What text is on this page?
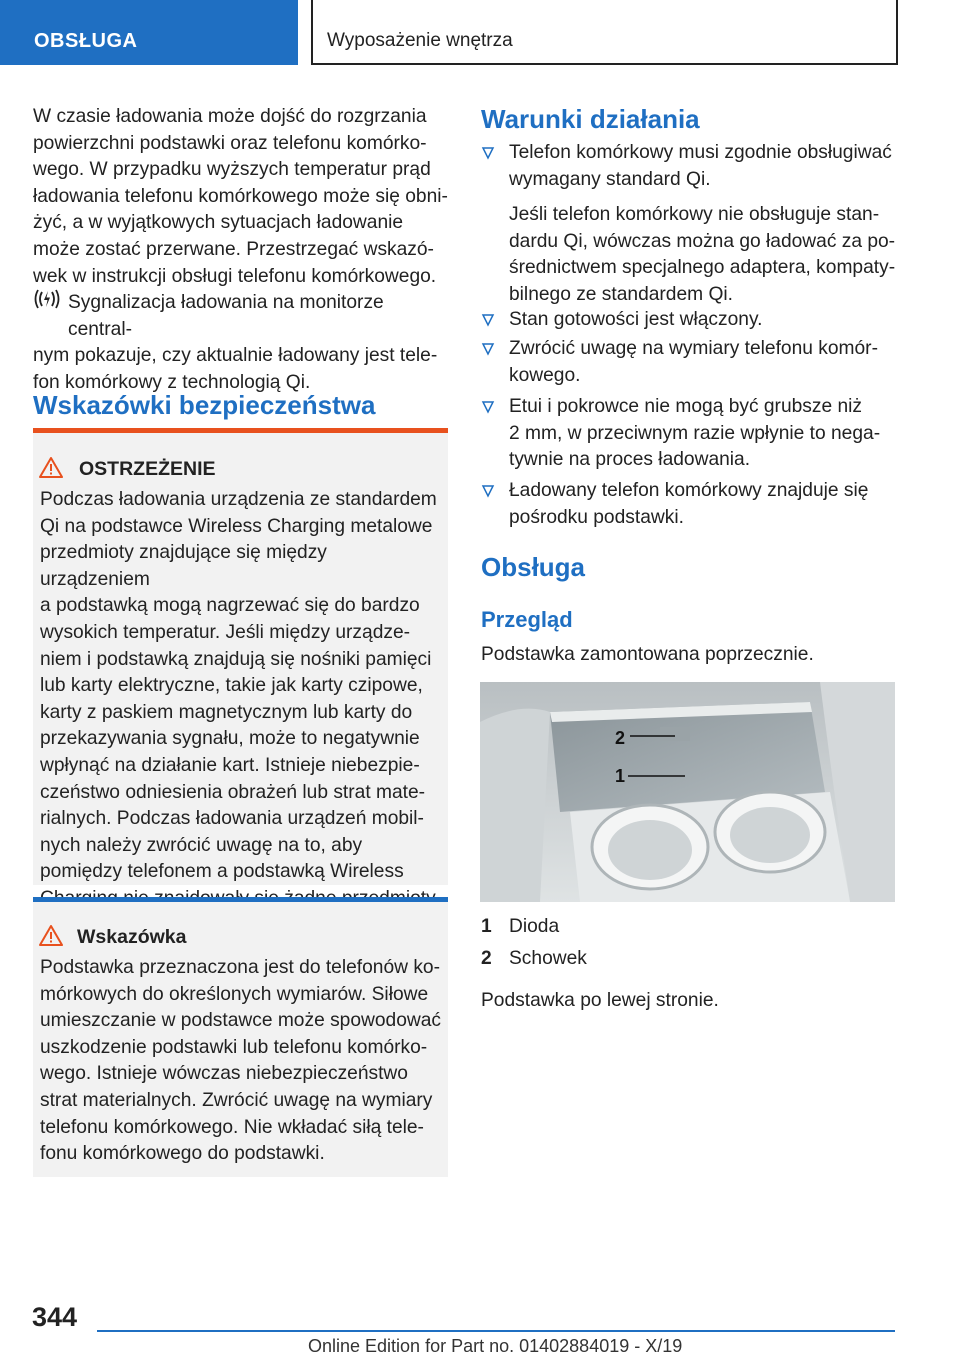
OBSŁUGA	Wyposażenie wnętrza
W czasie ładowania może dojść do rozgrzania
powierzchni podstawki oraz telefonu komórko-
wego. W przypadku wyższych temperatur prąd
ładowania telefonu komórkowego może się obni-
żyć, a w wyjątkowych sytuacjach ładowanie
może zostać przerwane. Przestrzegać wskazó-
wek w instrukcji obsługi telefonu komórkowego.
Sygnalizacja ładowania na monitorze central-
nym pokazuje, czy aktualnie ładowany jest tele-
fon komórkowy z technologią Qi.
Wskazówki bezpieczeństwa
OSTRZEŻENIE
Podczas ładowania urządzenia ze standardem
Qi na podstawce Wireless Charging metalowe
przedmioty znajdujące się między urządzeniem
a podstawką mogą nagrzewać się do bardzo
wysokich temperatur. Jeśli między urządze-
niem i podstawką znajdują się nośniki pamięci
lub karty elektryczne, takie jak karty czipowe,
karty z paskiem magnetycznym lub karty do
przekazywania sygnału, może to negatywnie
wpłynąć na działanie kart. Istnieje niebezpie-
czeństwo odniesienia obrażeń lub strat mate-
rialnych. Podczas ładowania urządzeń mobil-
nych należy zwrócić uwagę na to, aby
pomiędzy telefonem a podstawką Wireless
Wskazówka
Podstawka przeznaczona jest do telefonów ko-
mórkowych do określonych wymiarów. Siłowe
umieszczanie w podstawce może spowodować
uszkodzenie podstawki lub telefonu komórko-
wego. Istnieje wówczas niebezpieczeństwo
strat materialnych. Zwrócić uwagę na wymiary
telefonu komórkowego. Nie wkładać siłą tele-
fonu komórkowego do podstawki.
Warunki działania
Telefon komórkowy musi zgodnie obsługiwać
wymagany standard Qi.
Jeśli telefon komórkowy nie obsługuje stan-
dardu Qi, wówczas można go ładować za po-
średnictwem specjalnego adaptera, kompaty-
bilnego ze standardem Qi.
Stan gotowości jest włączony.
Zwrócić uwagę na wymiary telefonu komór-
kowego.
Etui i pokrowce nie mogą być grubsze niż
2 mm, w przeciwnym razie wpłynie to nega-
tywnie na proces ładowania.
Ładowany telefon komórkowy znajduje się
pośrodku podstawki.
Obsługa
Przegląd
Podstawka zamontowana poprzecznie.
2
1
1 Dioda
2 Schowek
Podstawka po lewej stronie.
344
Online Edition for Part no. 01402884019 - X/19
